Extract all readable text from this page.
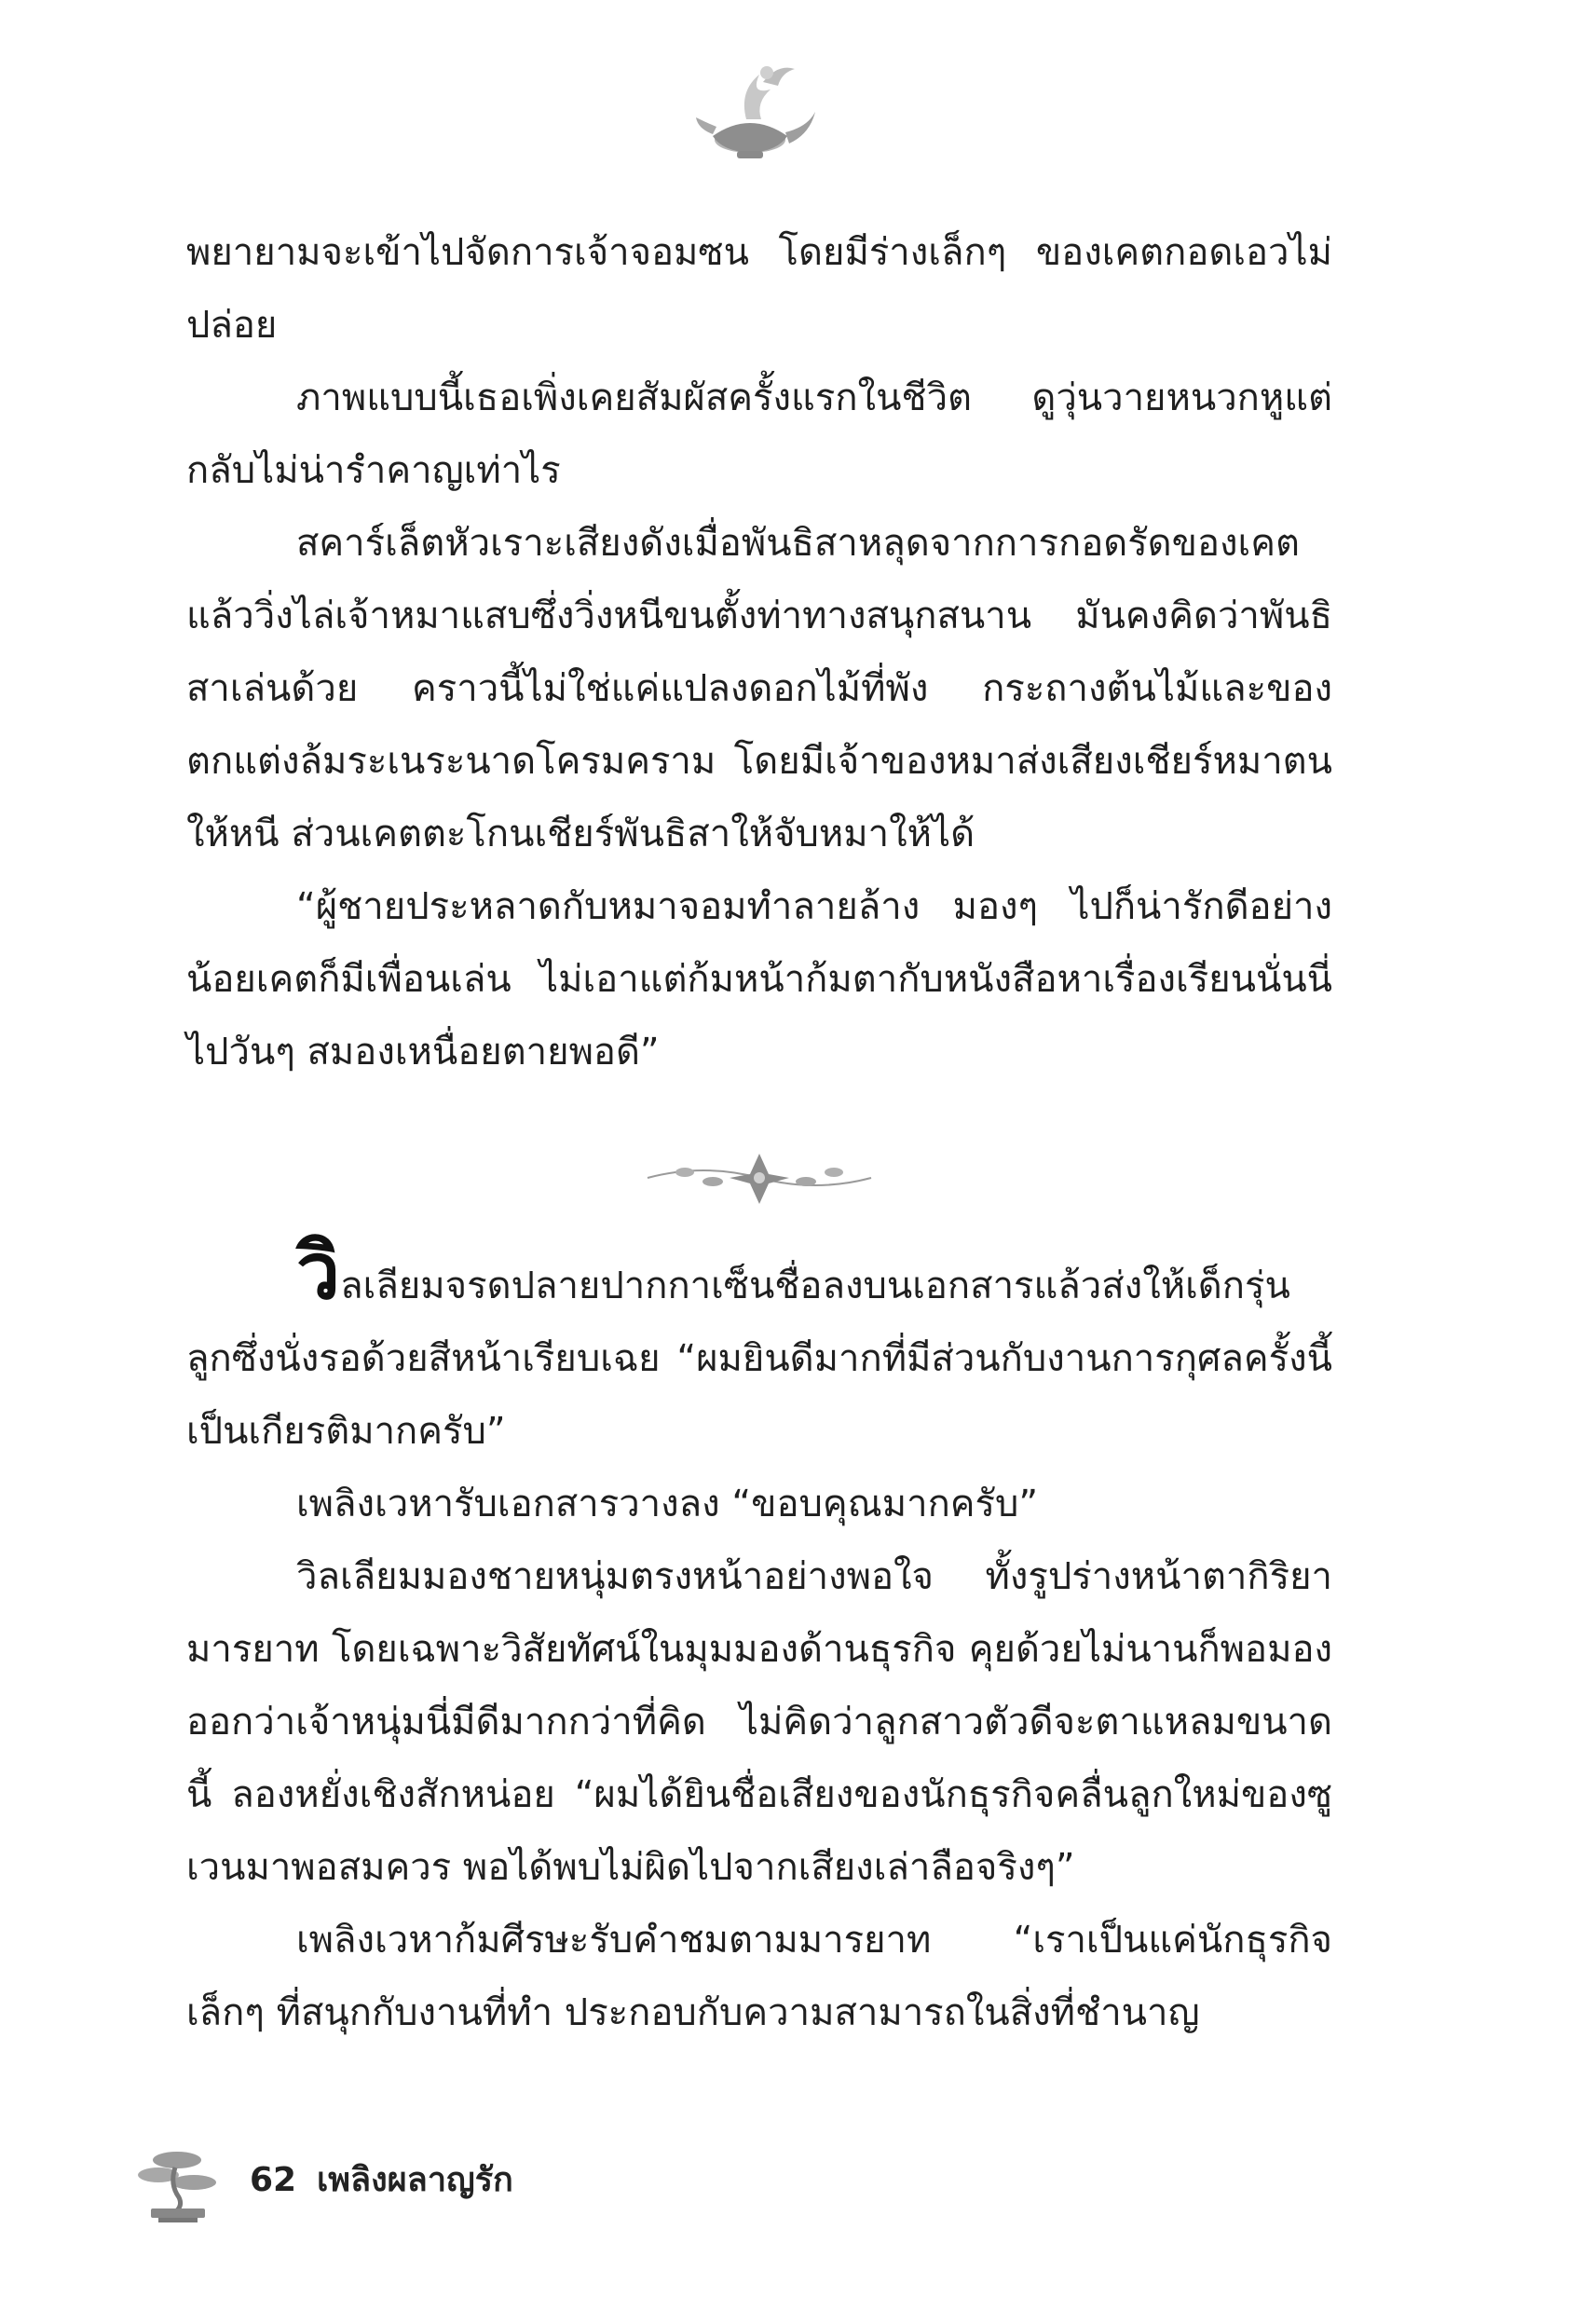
พยายามจะเข้าไปจัดการเจ้าจอมซน โดยมีร่างเล็กๆ ของเคตกอดเอวไม่ปล่อย

ภาพแบบนี้เธอเพิ่งเคยสัมผัสครั้งแรกในชีวิต ดูวุ่นวายหนวกหูแต่กลับไม่น่ารำคาญเท่าไร

สคาร์เล็ตหัวเราะเสียงดังเมื่อพันธิสาหลุดจากการกอดรัดของเคตแล้ววิ่งไล่เจ้าหมาแสบซึ่งวิ่งหนีขนตั้งท่าทางสนุกสนาน มันคงคิดว่าพันธิสาเล่นด้วย คราวนี้ไม่ใช่แค่แปลงดอกไม้ที่พัง กระถางต้นไม้และของตกแต่งล้มระเนระนาดโครมคราม โดยมีเจ้าของหมาส่งเสียงเชียร์หมาตนให้หนี ส่วนเคตตะโกนเชียร์พันธิสาให้จับหมาให้ได้

“ผู้ชายประหลาดกับหมาจอมทำลายล้าง มองๆ ไปก็น่ารักดีอย่างน้อยเคตก็มีเพื่อนเล่น ไม่เอาแต่ก้มหน้าก้มตากับหนังสือหาเรื่องเรียนนั่นนี่ไปวันๆ สมองเหนื่อยตายพอดี”

วิลเลียมจรดปลายปากกาเซ็นชื่อลงบนเอกสารแล้วส่งให้เด็กรุ่นลูกซึ่งนั่งรอด้วยสีหน้าเรียบเฉย “ผมยินดีมากที่มีส่วนกับงานการกุศลครั้งนี้ เป็นเกียรติมากครับ”

เพลิงเวหารับเอกสารวางลง “ขอบคุณมากครับ”

วิลเลียมมองชายหนุ่มตรงหน้าอย่างพอใจ ทั้งรูปร่างหน้าตากิริยามารยาท โดยเฉพาะวิสัยทัศน์ในมุมมองด้านธุรกิจ คุยด้วยไม่นานก็พอมองออกว่าเจ้าหนุ่มนี่มีดีมากกว่าที่คิด ไม่คิดว่าลูกสาวตัวดีจะตาแหลมขนาดนี้ ลองหยั่งเชิงสักหน่อย “ผมได้ยินชื่อเสียงของนักธุรกิจคลื่นลูกใหม่ของซูเวนมาพอสมควร พอได้พบไม่ผิดไปจากเสียงเล่าลือจริงๆ”

เพลิงเวหาก้มศีรษะรับคำชมตามมารยาท “เราเป็นแค่นักธุรกิจเล็กๆ ที่สนุกกับงานที่ทำ ประกอบกับความสามารถในสิ่งที่ชำนาญ

62 เพลิงผลาญรัก
